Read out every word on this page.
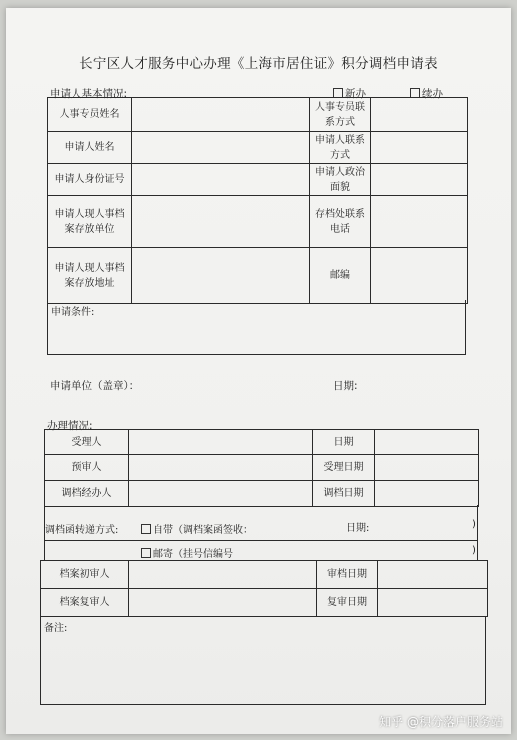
长宁区人才服务中心办理《上海市居住证》积分调档申请表
申请人基本情况:	新办	续办
人事专员姓名		人事专员联系方式	
申请人姓名		申请人联系方式	
申请人身份证号		申请人政治面貌	
申请人现人事档案存放单位		存档处联系电话	
申请人现人事档案存放地址		邮编	
申请条件:
申请单位（盖章）：	日期:
办理情况:
受理人		日期	
预审人		受理日期	
调档经办人		调档日期	
调档函转递方式:	自带（调档案函签收：	日期:	)
邮寄（挂号信编号	)
档案初审人		审档日期	
档案复审人		复审日期	
备注:
知乎 @积分落户服务站
